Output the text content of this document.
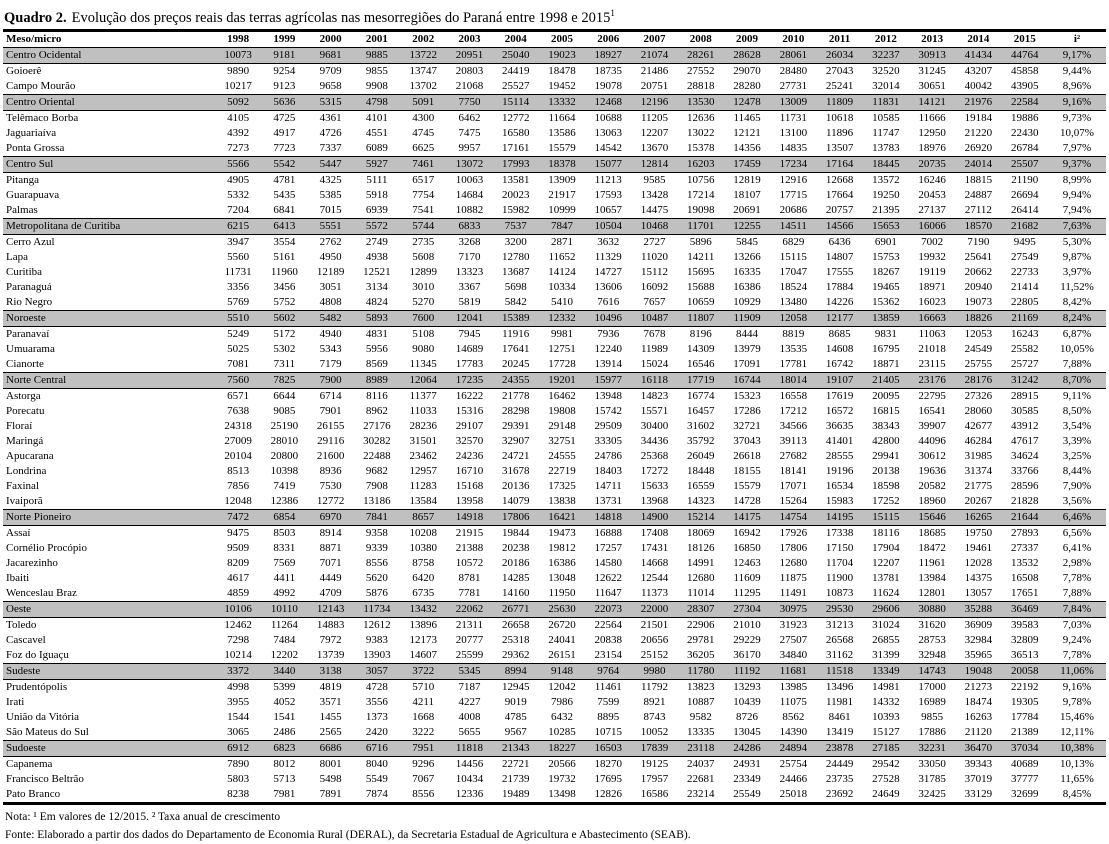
Quadro 2. Evolução dos preços reais das terras agrícolas nas mesorregiões do Paraná entre 1998 e 2015$^1$
Meso/micro	1998	1999	2000	2001	2002	2003	2004	2005	2006	2007	2008	2009	2010	2011	2012	2013	2014	2015	i²
Centro Ocidental	10073	9181	9681	9885	13722	20951	25040	19023	18927	21074	28261	28628	28061	26034	32237	30913	41434	44764	9,17%
Goioerê	9890	9254	9709	9855	13747	20803	24419	18478	18735	21486	27552	29070	28480	27043	32520	31245	43207	45858	9,44%
Campo Mourão	10217	9123	9658	9908	13702	21068	25527	19452	19078	20751	28818	28280	27731	25241	32014	30651	40042	43905	8,96%
Centro Oriental	5092	5636	5315	4798	5091	7750	15114	13332	12468	12196	13530	12478	13009	11809	11831	14121	21976	22584	9,16%
Telêmaco Borba	4105	4725	4361	4101	4300	6462	12772	11664	10688	11205	12636	11465	11731	10618	10585	11666	19184	19886	9,73%
Jaguariaíva	4392	4917	4726	4551	4745	7475	16580	13586	13063	12207	13022	12121	13100	11896	11747	12950	21220	22430	10,07%
Ponta Grossa	7273	7723	7337	6089	6625	9957	17161	15579	14542	13670	15378	14356	14835	13507	13783	18976	26920	26784	7,97%
Centro Sul	5566	5542	5447	5927	7461	13072	17993	18378	15077	12814	16203	17459	17234	17164	18445	20735	24014	25507	9,37%
Pitanga	4905	4781	4325	5111	6517	10063	13581	13909	11213	9585	10756	12819	12916	12668	13572	16246	18815	21190	8,99%
Guarapuava	5332	5435	5385	5918	7754	14684	20023	21917	17593	13428	17214	18107	17715	17664	19250	20453	24887	26694	9,94%
Palmas	7204	6841	7015	6939	7541	10882	15982	10999	10657	14475	19098	20691	20686	20757	21395	27137	27112	26414	7,94%
Metropolitana de Curitiba	6215	6413	5551	5572	5744	6833	7537	7847	10504	10468	11701	12255	14511	14566	15653	16066	18570	21682	7,63%
Cerro Azul	3947	3554	2762	2749	2735	3268	3200	2871	3632	2727	5896	5845	6829	6436	6901	7002	7190	9495	5,30%
Lapa	5560	5161	4950	4938	5608	7170	12780	11652	11329	11020	14211	13266	15115	14807	15753	19932	25641	27549	9,87%
Curitiba	11731	11960	12189	12521	12899	13323	13687	14124	14727	15112	15695	16335	17047	17555	18267	19119	20662	22733	3,97%
Paranaguá	3356	3456	3051	3134	3010	3367	5698	10334	13606	16092	15688	16386	18524	17884	19465	18971	20940	21414	11,52%
Rio Negro	5769	5752	4808	4824	5270	5819	5842	5410	7616	7657	10659	10929	13480	14226	15362	16023	19073	22805	8,42%
Noroeste	5510	5602	5482	5893	7600	12041	15389	12332	10496	10487	11807	11909	12058	12177	13859	16663	18826	21169	8,24%
Paranavaí	5249	5172	4940	4831	5108	7945	11916	9981	7936	7678	8196	8444	8819	8685	9831	11063	12053	16243	6,87%
Umuarama	5025	5302	5343	5956	9080	14689	17641	12751	12240	11989	14309	13979	13535	14608	16795	21018	24549	25582	10,05%
Cianorte	7081	7311	7179	8569	11345	17783	20245	17728	13914	15024	16546	17091	17781	16742	18871	23115	25755	25727	7,88%
Norte Central	7560	7825	7900	8989	12064	17235	24355	19201	15977	16118	17719	16744	18014	19107	21405	23176	28176	31242	8,70%
Astorga	6571	6644	6714	8116	11377	16222	21778	16462	13948	14823	16774	15323	16558	17619	20095	22795	27326	28915	9,11%
Porecatu	7638	9085	7901	8962	11033	15316	28298	19808	15742	15571	16457	17286	17212	16572	16815	16541	28060	30585	8,50%
Floraí	24318	25190	26155	27176	28236	29107	29391	29148	29509	30400	31602	32721	34566	36635	38343	39907	42677	43912	3,54%
Maringá	27009	28010	29116	30282	31501	32570	32907	32751	33305	34436	35792	37043	39113	41401	42800	44096	46284	47617	3,39%
Apucarana	20104	20800	21600	22488	23462	24236	24721	24555	24786	25368	26049	26618	27682	28555	29941	30612	31985	34624	3,25%
Londrina	8513	10398	8936	9682	12957	16710	31678	22719	18403	17272	18448	18155	18141	19196	20138	19636	31374	33766	8,44%
Faxinal	7856	7419	7530	7908	11283	15168	20136	17325	14711	15633	16559	15579	17071	16534	18598	20582	21775	28596	7,90%
Ivaiporã	12048	12386	12772	13186	13584	13958	14079	13838	13731	13968	14323	14728	15264	15983	17252	18960	20267	21828	3,56%
Norte Pioneiro	7472	6854	6970	7841	8657	14918	17806	16421	14818	14900	15214	14175	14754	14195	15115	15646	16265	21644	6,46%
Assaí	9475	8503	8914	9358	10208	21915	19844	19473	16888	17408	18069	16942	17926	17338	18116	18685	19750	27893	6,56%
Cornélio Procópio	9509	8331	8871	9339	10380	21388	20238	19812	17257	17431	18126	16850	17806	17150	17904	18472	19461	27337	6,41%
Jacarezinho	8209	7569	7071	8556	8758	10572	20186	16386	14580	14668	14991	12463	12680	11704	12207	11961	12028	13532	2,98%
Ibaiti	4617	4411	4449	5620	6420	8781	14285	13048	12622	12544	12680	11609	11875	11900	13781	13984	14375	16508	7,78%
Wenceslau Braz	4859	4992	4709	5876	6735	7781	14160	11950	11647	11373	11014	11295	11491	10873	11624	12801	13057	17651	7,88%
Oeste	10106	10110	12143	11734	13432	22062	26771	25630	22073	22000	28307	27304	30975	29530	29606	30880	35288	36469	7,84%
Toledo	12462	11264	14883	12612	13896	21311	26658	26720	22564	21501	22906	21010	31923	31213	31024	31620	36909	39583	7,03%
Cascavel	7298	7484	7972	9383	12173	20777	25318	24041	20838	20656	29781	29229	27507	26568	26855	28753	32984	32809	9,24%
Foz do Iguaçu	10214	12202	13739	13903	14607	25599	29362	26151	23154	25152	36205	36170	34840	31162	31399	32948	35965	36513	7,78%
Sudeste	3372	3440	3138	3057	3722	5345	8994	9148	9764	9980	11780	11192	11681	11518	13349	14743	19048	20058	11,06%
Prudentópolis	4998	5399	4819	4728	5710	7187	12945	12042	11461	11792	13823	13293	13985	13496	14981	17000	21273	22192	9,16%
Irati	3955	4052	3571	3556	4211	4227	9019	7986	7599	8921	10887	10439	11075	11981	14332	16989	18474	19305	9,78%
União da Vitória	1544	1541	1455	1373	1668	4008	4785	6432	8895	8743	9582	8726	8562	8461	10393	9855	16263	17784	15,46%
São Mateus do Sul	3065	2486	2565	2420	3222	5655	9567	10285	10715	10052	13335	13045	14390	13419	15127	17886	21120	21389	12,11%
Sudoeste	6912	6823	6686	6716	7951	11818	21343	18227	16503	17839	23118	24286	24894	23878	27185	32231	36470	37034	10,38%
Capanema	7890	8012	8001	8040	9296	14456	22721	20566	18270	19125	24037	24931	25754	24449	29542	33050	39343	40689	10,13%
Francisco Beltrão	5803	5713	5498	5549	7067	10434	21739	19732	17695	17957	22681	23349	24466	23735	27528	31785	37019	37777	11,65%
Pato Branco	8238	7981	7891	7874	8556	12336	19489	13498	12826	16586	23214	25549	25018	23692	24649	32425	33129	32699	8,45%
Nota: ¹ Em valores de 12/2015. ² Taxa anual de crescimento
Fonte: Elaborado a partir dos dados do Departamento de Economia Rural (DERAL), da Secretaria Estadual de Agricultura e Abastecimento (SEAB).
